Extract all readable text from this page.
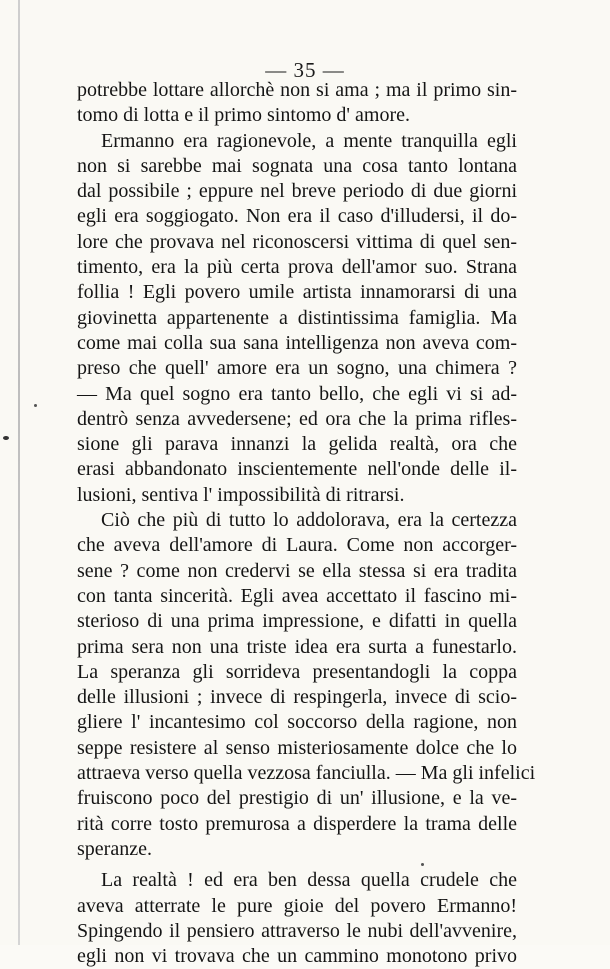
— 35 —
potrebbe lottare allorchè non si ama ; ma il primo sin-
tomo di lotta e il primo sintomo d' amore.
Ermanno era ragionevole, a mente tranquilla egli
non si sarebbe mai sognata una cosa tanto lontana
dal possibile ; eppure nel breve periodo di due giorni
egli era soggiogato. Non era il caso d'illudersi, il do-
lore che provava nel riconoscersi vittima di quel sen-
timento, era la più certa prova dell'amor suo. Strana
follia ! Egli povero umile artista innamorarsi di una
giovinetta appartenente a distintissima famiglia. Ma
come mai colla sua sana intelligenza non aveva com-
preso che quell' amore era un sogno, una chimera ?
— Ma quel sogno era tanto bello, che egli vi si ad-
dentrò senza avvedersene; ed ora che la prima rifles-
sione gli parava innanzi la gelida realtà, ora che
erasi abbandonato inscientemente nell'onde delle il-
lusioni, sentiva l' impossibilità di ritrarsi.
Ciò che più di tutto lo addolorava, era la certezza
che aveva dell'amore di Laura. Come non accorger-
sene ? come non credervi se ella stessa si era tradita
con tanta sincerità. Egli avea accettato il fascino mi-
sterioso di una prima impressione, e difatti in quella
prima sera non una triste idea era surta a funestarlo.
La speranza gli sorrideva presentandogli la coppa
delle illusioni ; invece di respingerla, invece di scio-
gliere l' incantesimo col soccorso della ragione, non
seppe resistere al senso misteriosamente dolce che lo
attraeva verso quella vezzosa fanciulla. — Ma gli infelici
fruiscono poco del prestigio di un' illusione, e la ve-
rità corre tosto premurosa a disperdere la trama delle
speranze.
La realtà ! ed era ben dessa quella crudele che
aveva atterrate le pure gioie del povero Ermanno!
Spingendo il pensiero attraverso le nubi dell'avvenire,
egli non vi trovava che un cammino monotono privo
